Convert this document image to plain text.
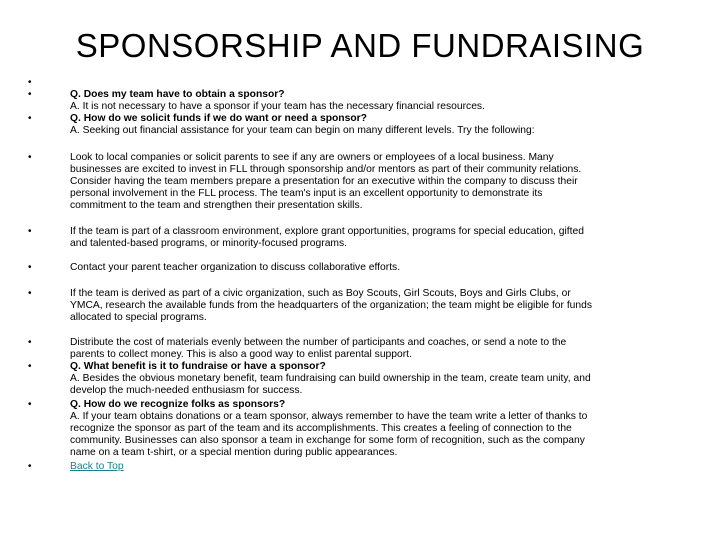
SPONSORSHIP AND FUNDRAISING
•
•	Q. Does my team have to obtain a sponsor?
A. It is not necessary to have a sponsor if your team has the necessary financial resources.
•	Q. How do we solicit funds if we do want or need a sponsor?
A. Seeking out financial assistance for your team can begin on many different levels. Try the following:
•	Look to local companies or solicit parents to see if any are owners or employees of a local business. Many
businesses are excited to invest in FLL through sponsorship and/or mentors as part of their community relations.
Consider having the team members prepare a presentation for an executive within the company to discuss their
personal involvement in the FLL process. The team's input is an excellent opportunity to demonstrate its
commitment to the team and strengthen their presentation skills.
•	If the team is part of a classroom environment, explore grant opportunities, programs for special education, gifted
and talented-based programs, or minority-focused programs.
•	Contact your parent teacher organization to discuss collaborative efforts.
•	If the team is derived as part of a civic organization, such as Boy Scouts, Girl Scouts, Boys and Girls Clubs, or
YMCA, research the available funds from the headquarters of the organization; the team might be eligible for funds
allocated to special programs.
•	Distribute the cost of materials evenly between the number of participants and coaches, or send a note to the
parents to collect money. This is also a good way to enlist parental support.
•	Q. What benefit is it to fundraise or have a sponsor?
A. Besides the obvious monetary benefit, team fundraising can build ownership in the team, create team unity, and
develop the much-needed enthusiasm for success.
•	Q. How do we recognize folks as sponsors?
A. If your team obtains donations or a team sponsor, always remember to have the team write a letter of thanks to
recognize the sponsor as part of the team and its accomplishments. This creates a feeling of connection to the
community. Businesses can also sponsor a team in exchange for some form of recognition, such as the company
name on a team t-shirt, or a special mention during public appearances.
•	Back to Top
